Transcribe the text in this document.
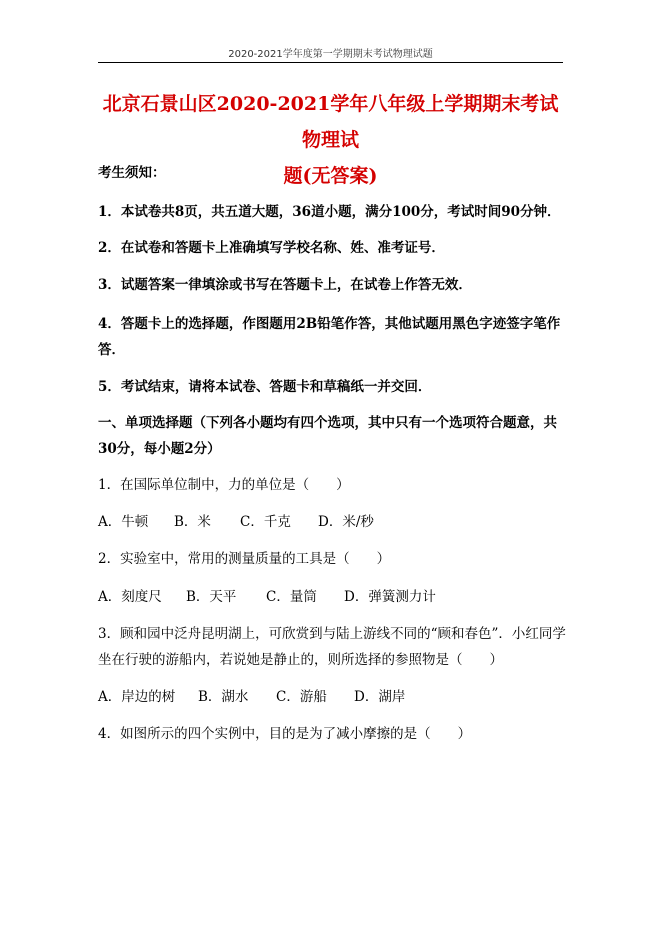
2020-2021学年度第一学期期末考试物理试题
北京石景山区2020-2021学年八年级上学期期末考试物理试
题(无答案)

考生须知：

1．本试卷共8页，共五道大题，36道小题，满分100分，考试时间90分钟．

2．在试卷和答题卡上准确填写学校名称、姓、准考证号．

3．试题答案一律填涂或书写在答题卡上，在试卷上作答无效．

4．答题卡上的选择题，作图题用2B铅笔作答，其他试题用黑色字迹签字笔作答．

5．考试结束，请将本试卷、答题卡和草稿纸一并交回．

一、单项选择题（下列各小题均有四个选项，其中只有一个选项符合题意，共30分，每小题2分）

1．在国际单位制中，力的单位是（　　）

A．牛顿 B．米 C．千克 D．米/秒

2．实验室中，常用的测量质量的工具是（　　）

A．刻度尺 B．天平 C．量筒 D．弹簧测力计

3．顾和园中泛舟昆明湖上，可欣赏到与陆上游线不同的“顾和春色”．小红同学坐在行驶的游船内，若说她是静止的，则所选择的参照物是（　　）

A．岸边的树 B．湖水 C．游船 D．湖岸

4．如图所示的四个实例中，目的是为了减小摩擦的是（　　）
